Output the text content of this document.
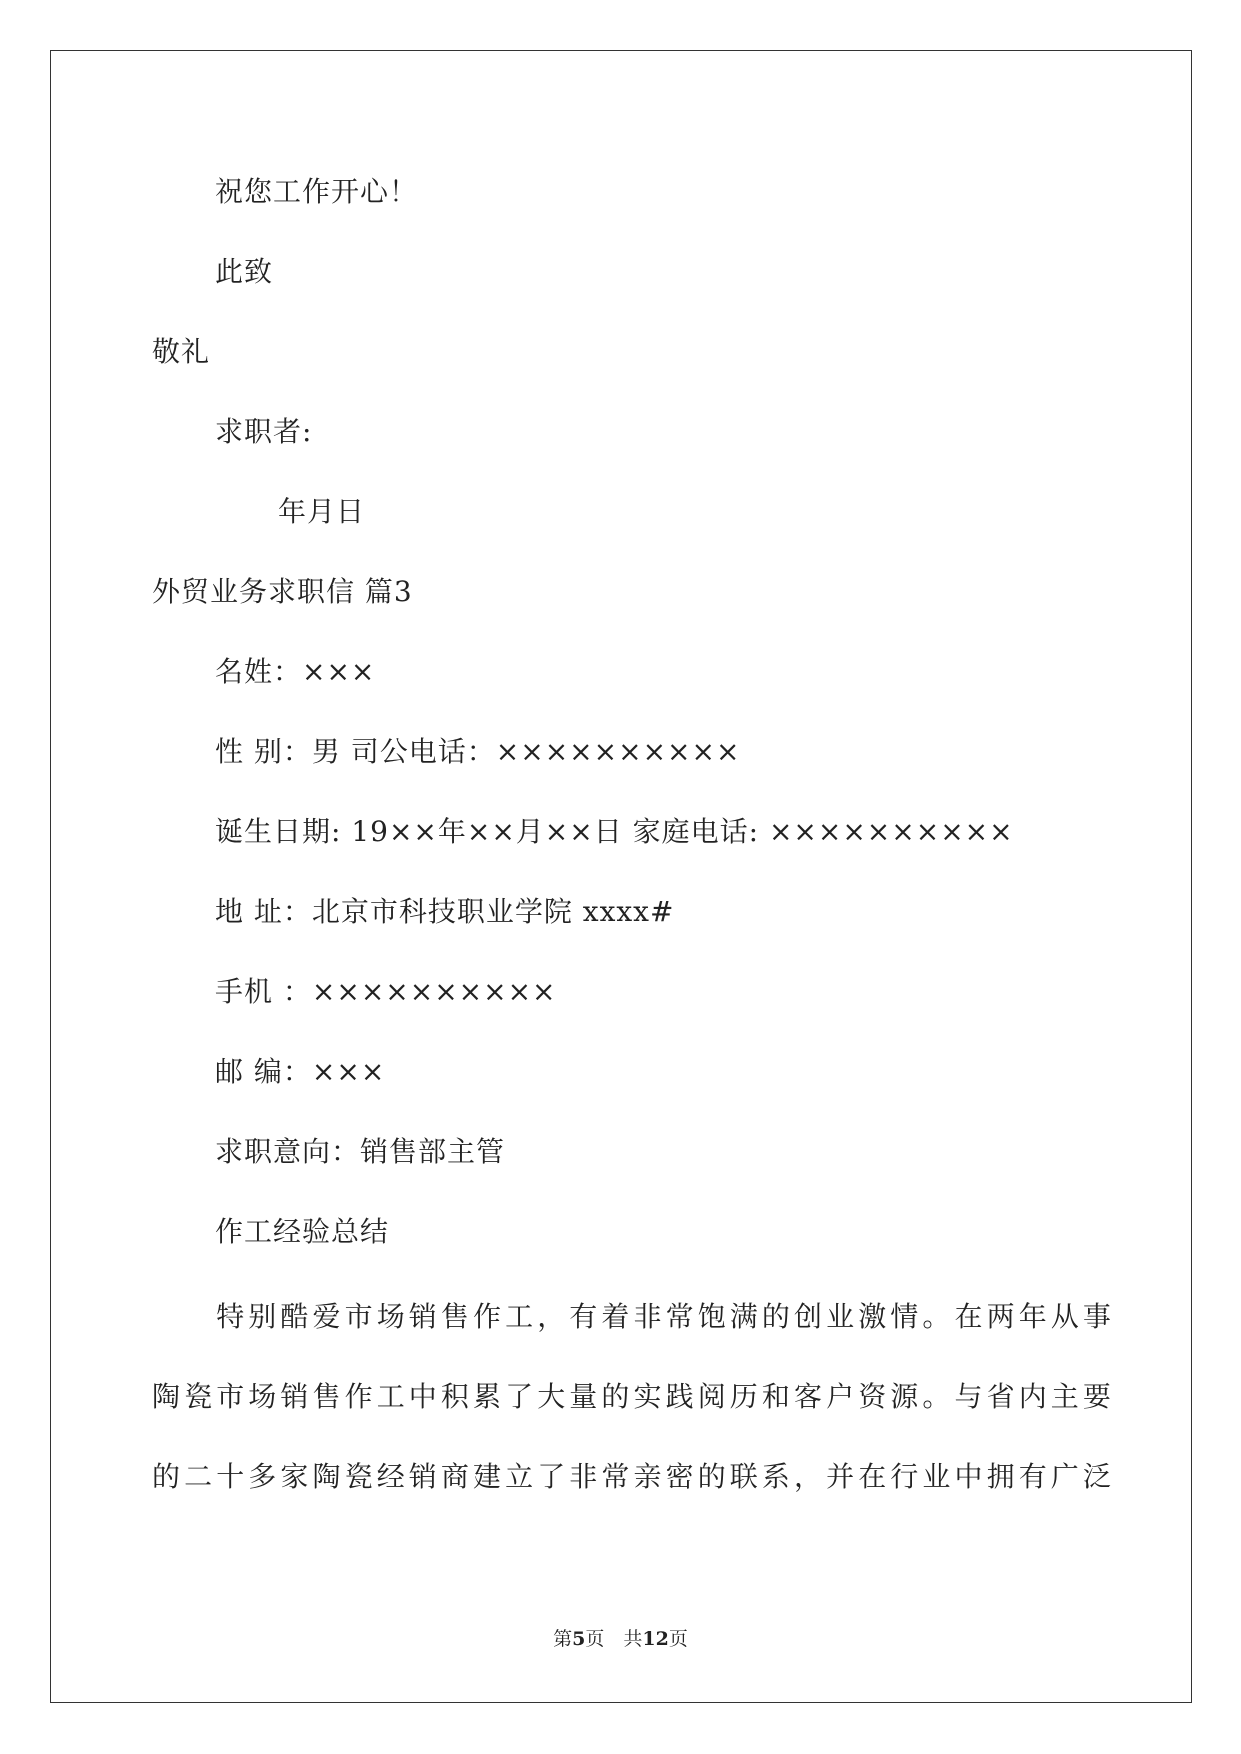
祝您工作开心！
此致
敬礼
求职者:
年月日
外贸业务求职信 篇3
名姓：×××
性 别：男 司公电话：××××××××××
诞生日期: 19××年××月××日 家庭电话: ××××××××××
地 址：北京市科技职业学院 xxxx#
手机 ：××××××××××
邮 编：×××
求职意向：销售部主管
作工经验总结
　　特别酷爱市场销售作工，有着非常饱满的创业激情。在两年从事
陶瓷市场销售作工中积累了大量的实践阅历和客户资源。与省内主要
的二十多家陶瓷经销商建立了非常亲密的联系，并在行业中拥有广泛
第5页　共12页
